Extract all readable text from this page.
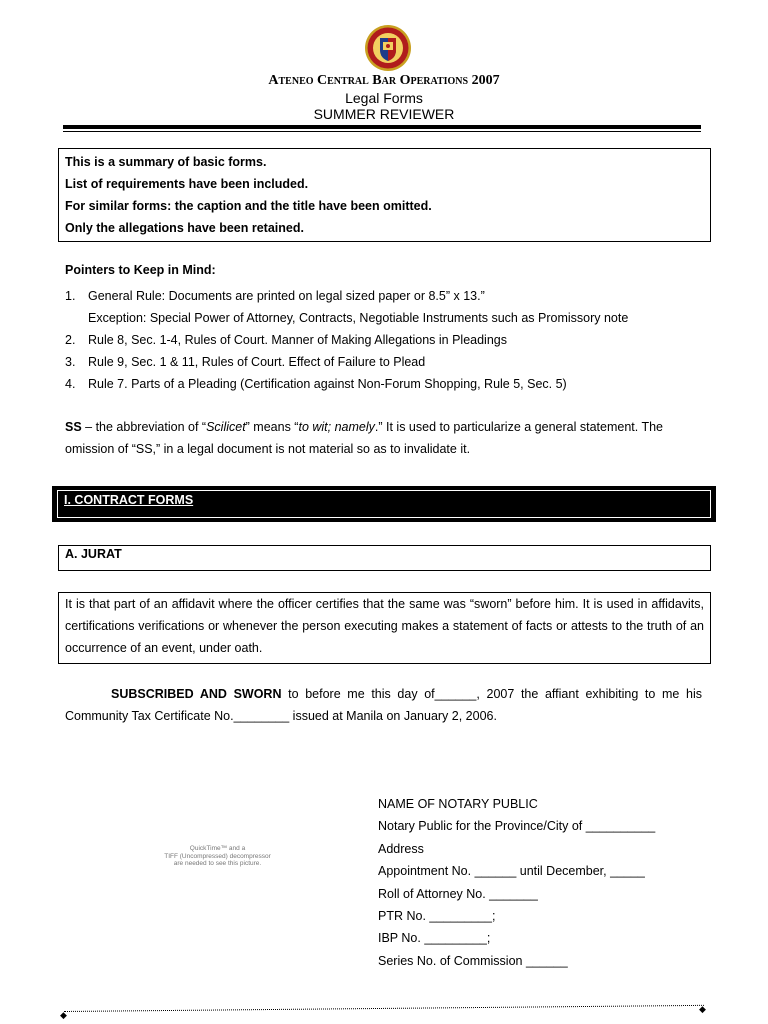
Ateneo Central Bar Operations 2007
Legal Forms
SUMMER REVIEWER

This is a summary of basic forms.

List of requirements have been included.

For similar forms: the caption and the title have been omitted.

Only the allegations have been retained.

Pointers to Keep in Mind:
1. General Rule: Documents are printed on legal sized paper or 8.5” x 13.”
Exception: Special Power of Attorney, Contracts, Negotiable Instruments such as Promissory note
2. Rule 8, Sec. 1-4, Rules of Court. Manner of Making Allegations in Pleadings
3. Rule 9, Sec. 1 & 11, Rules of Court. Effect of Failure to Plead
4. Rule 7. Parts of a Pleading (Certification against Non-Forum Shopping, Rule 5, Sec. 5)
SS – the abbreviation of “Scilicet” means “to wit; namely.” It is used to particularize a general statement. The omission of “SS,” in a legal document is not material so as to invalidate it.
I. CONTRACT FORMS
A. JURAT
It is that part of an affidavit where the officer certifies that the same was “sworn” before him. It is used in affidavits, certifications verifications or whenever the person executing makes a statement of facts or attests to the truth of an occurrence of an event, under oath.
SUBSCRIBED AND SWORN to before me this day of______, 2007 the affiant exhibiting to me his Community Tax Certificate No.________ issued at Manila on January 2, 2006.
QuickTime™ and a
TIFF (Uncompressed) decompressor
are needed to see this picture.
NAME OF NOTARY PUBLIC
Notary Public for the Province/City of __________
Address
Appointment No. ______ until December, _____
Roll of Attorney No. _______
PTR No. _________;
IBP No. _________;
Series No. of Commission ______
◆
◆
